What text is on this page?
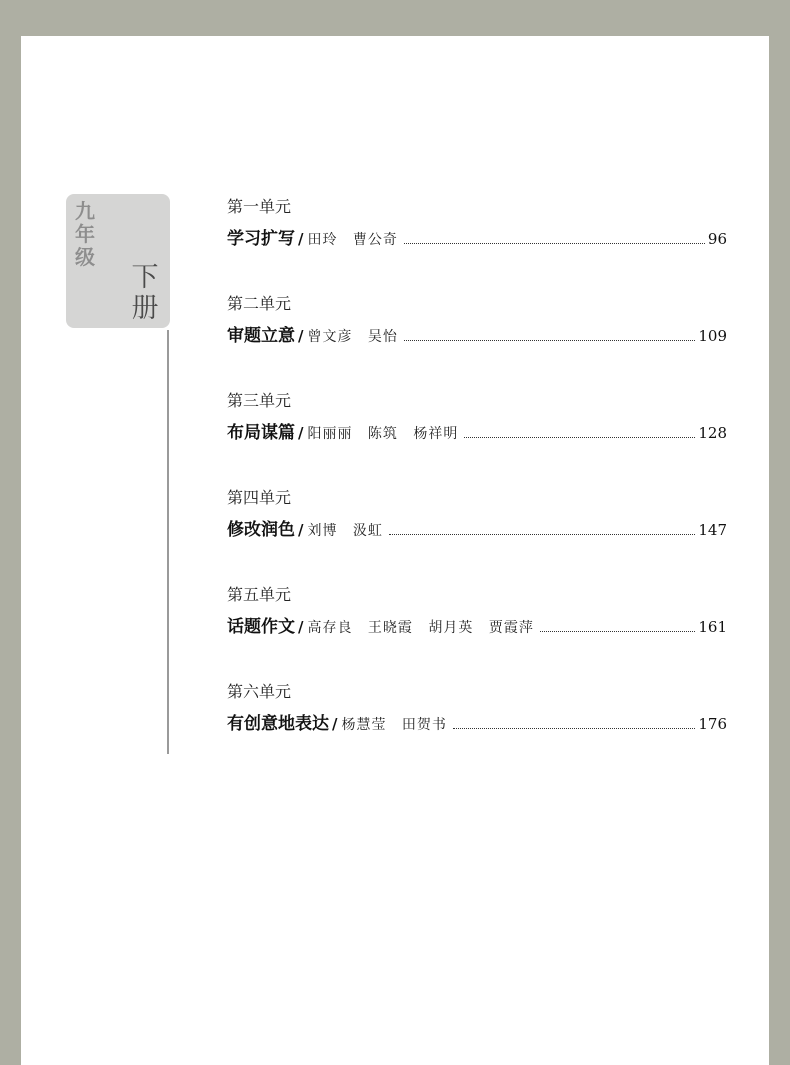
九年级
下册
第一单元
学习扩写 / 田玲 曹公奇	96
第二单元
审题立意 / 曾文彦 吴怡	109
第三单元
布局谋篇 / 阳丽丽 陈筑 杨祥明	128
第四单元
修改润色 / 刘博 汲虹	147
第五单元
话题作文 / 高存良 王晓霞 胡月英 贾霞萍	161
第六单元
有创意地表达 / 杨慧莹 田贺书	176
